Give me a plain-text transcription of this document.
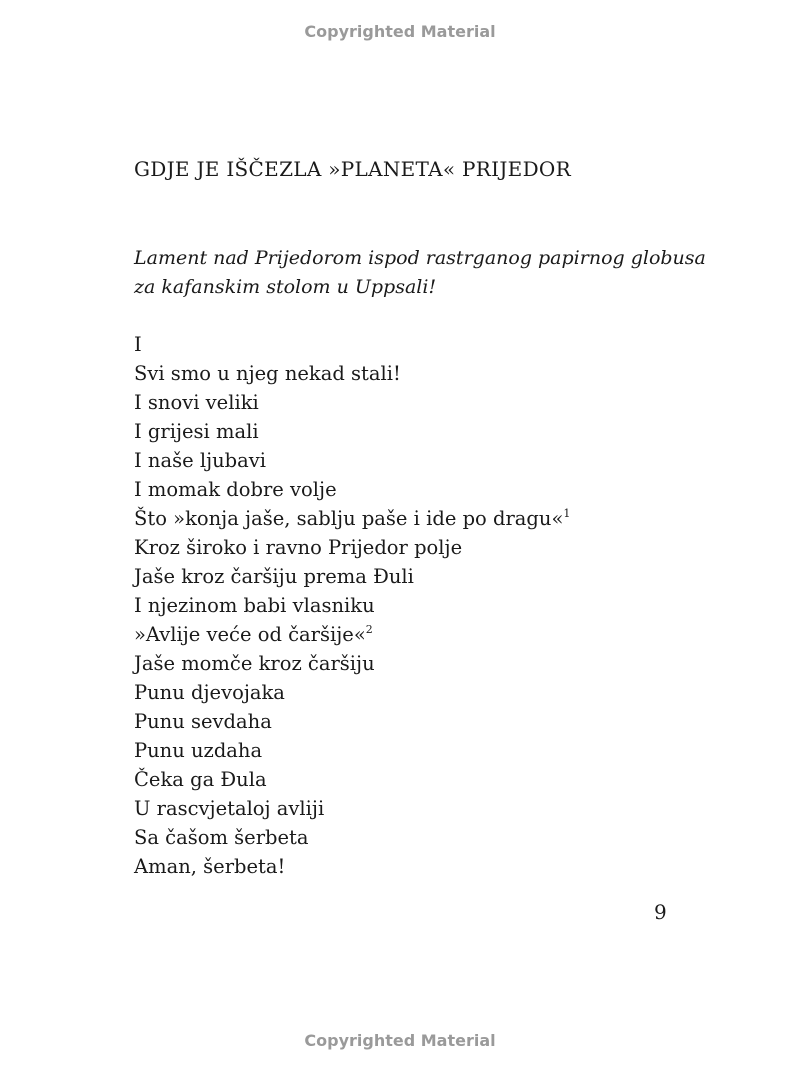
Copyrighted Material
GDJE JE IŠČEZLA »PLANETA« PRIJEDOR
Lament nad Prijedorom ispod rastrganog papirnog globusa
za kafanskim stolom u Uppsali!
I
Svi smo u njeg nekad stali!
I snovi veliki
I grijesi mali
I naše ljubavi
I momak dobre volje
Što »konja jaše, sablju paše i ide po dragu«$^1$
Kroz široko i ravno Prijedor polje
Jaše kroz čaršiju prema Đuli
I njezinom babi vlasniku
»Avlije veće od čaršije«$^2$
Jaše momče kroz čaršiju
Punu djevojaka
Punu sevdaha
Punu uzdaha
Čeka ga Đula
U rascvjetaloj avliji
Sa čašom šerbeta
Aman, šerbeta!
9
Copyrighted Material
